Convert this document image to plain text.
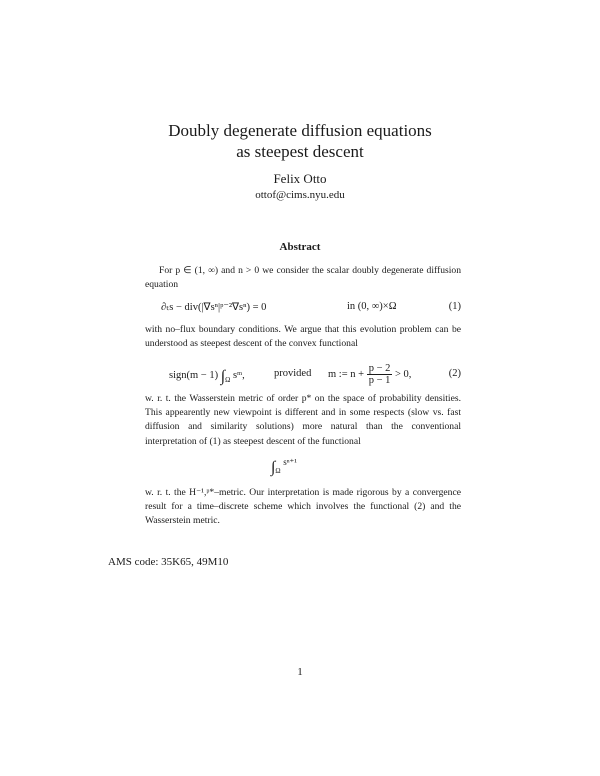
Doubly degenerate diffusion equations
as steepest descent
Felix Otto
ottof@cims.nyu.edu
Abstract
For p ∈ (1, ∞) and n > 0 we consider the scalar doubly degenerate diffusion equation
∂ₜs − div(|∇sⁿ|ᵖ⁻²∇sⁿ) = 0	in (0, ∞)×Ω	(1)
with no–flux boundary conditions. We argue that this evolution problem can be understood as steepest descent of the convex functional
sign(m − 1) $\int_\Omega$ sᵐ,	provided m := $n + \frac{p - 2}{p - 1} > 0$,	(2)
w. r. t. the Wasserstein metric of order p* on the space of probability densities. This appearently new viewpoint is different and in some respects (slow vs. fast diffusion and similarity solutions) more natural than the conventional interpretation of (1) as steepest descent of the functional
$\int_\Omega$ sⁿ⁺¹
w. r. t. the H⁻¹,ᵖ*–metric. Our interpretation is made rigorous by a convergence result for a time–discrete scheme which involves the functional (2) and the Wasserstein metric.
AMS code: 35K65, 49M10
1
